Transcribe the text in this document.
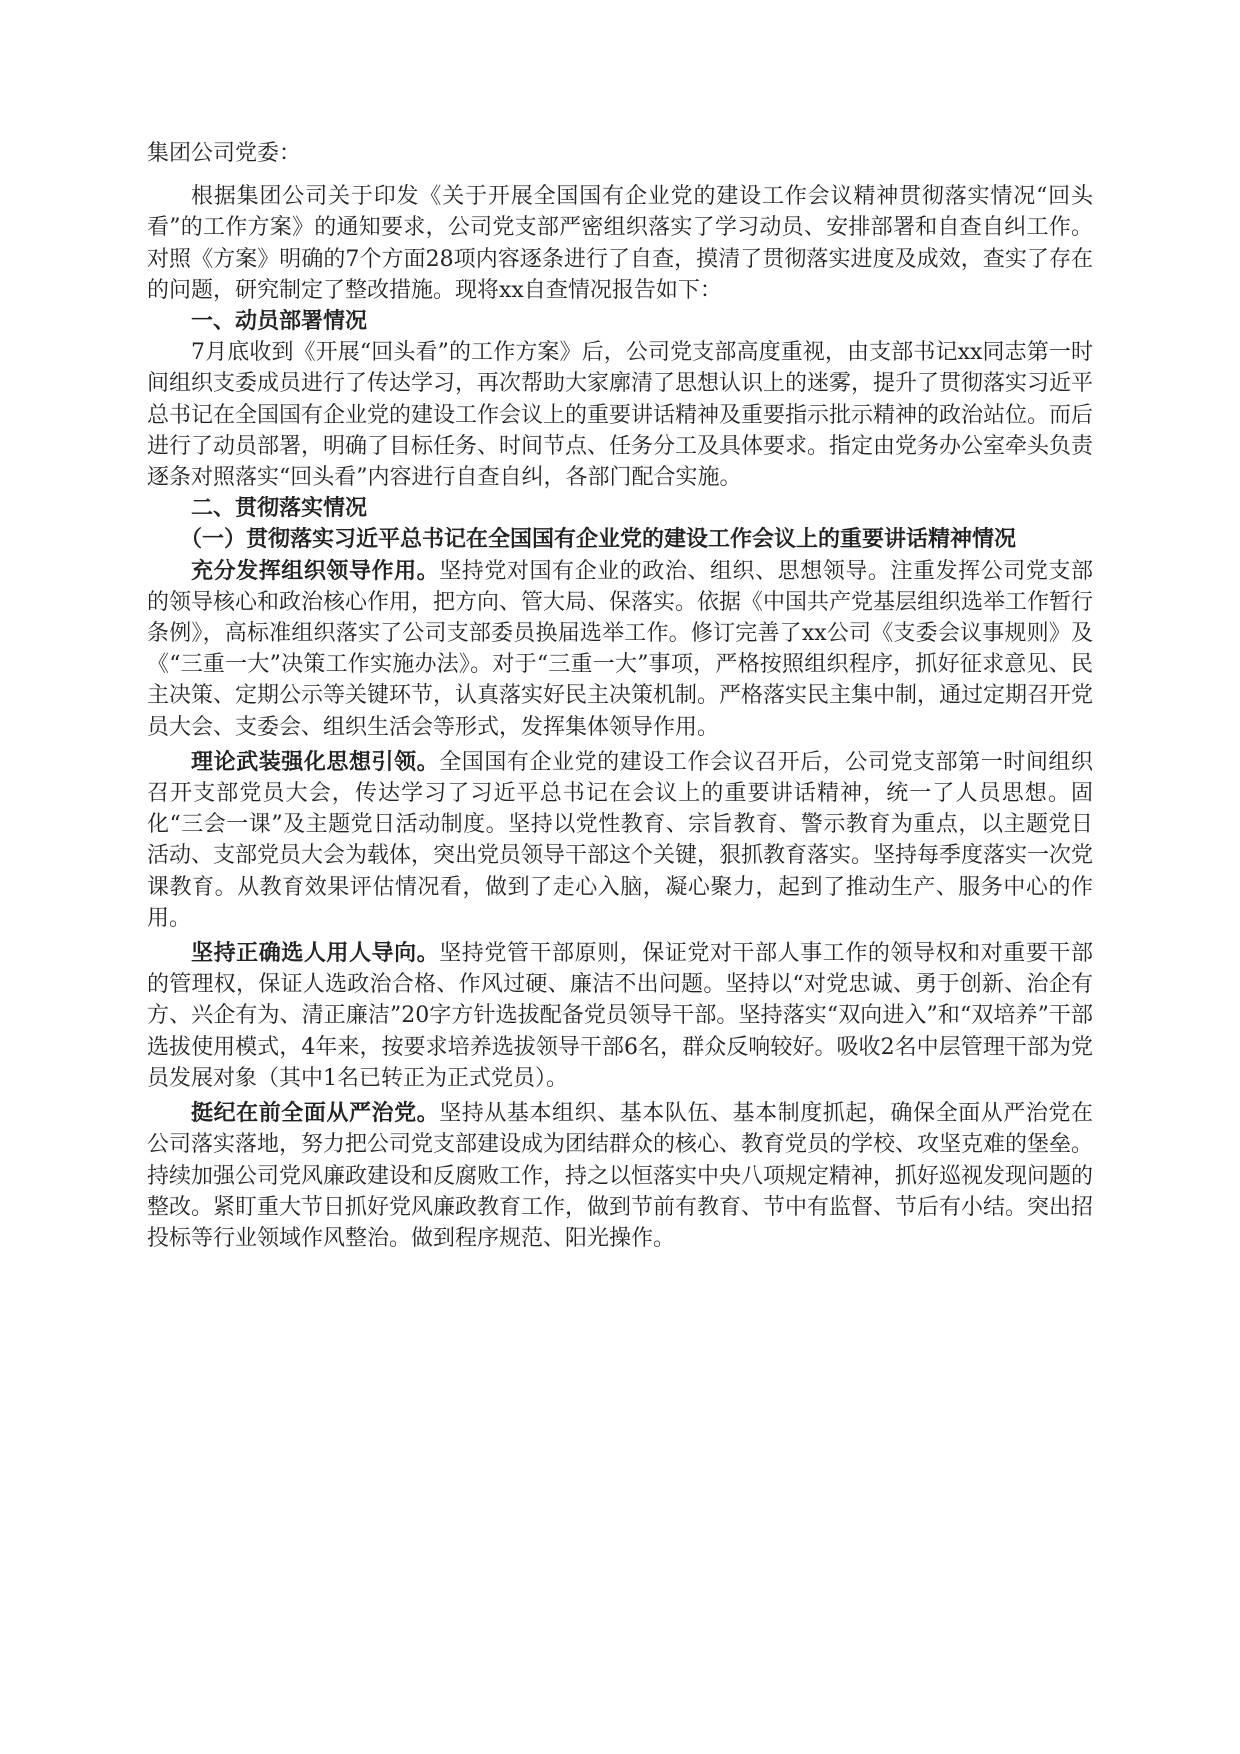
集团公司党委：

根据集团公司关于印发《关于开展全国国有企业党的建设工作会议精神贯彻落实情况“回头看”的工作方案》的通知要求，公司党支部严密组织落实了学习动员、安排部署和自查自纠工作。对照《方案》明确的7个方面28项内容逐条进行了自查，摸清了贯彻落实进度及成效，查实了存在的问题，研究制定了整改措施。现将xx自查情况报告如下：

一、动员部署情况

7月底收到《开展“回头看”的工作方案》后，公司党支部高度重视，由支部书记xx同志第一时间组织支委成员进行了传达学习，再次帮助大家廓清了思想认识上的迷雾，提升了贯彻落实习近平总书记在全国国有企业党的建设工作会议上的重要讲话精神及重要指示批示精神的政治站位。而后进行了动员部署，明确了目标任务、时间节点、任务分工及具体要求。指定由党务办公室牵头负责逐条对照落实“回头看”内容进行自查自纠，各部门配合实施。

二、贯彻落实情况

（一）贯彻落实习近平总书记在全国国有企业党的建设工作会议上的重要讲话精神情况

充分发挥组织领导作用。坚持党对国有企业的政治、组织、思想领导。注重发挥公司党支部的领导核心和政治核心作用，把方向、管大局、保落实。依据《中国共产党基层组织选举工作暂行条例》，高标准组织落实了公司支部委员换届选举工作。修订完善了xx公司《支委会议事规则》及《“三重一大”决策工作实施办法》。对于“三重一大”事项，严格按照组织程序，抓好征求意见、民主决策、定期公示等关键环节，认真落实好民主决策机制。严格落实民主集中制，通过定期召开党员大会、支委会、组织生活会等形式，发挥集体领导作用。

理论武装强化思想引领。全国国有企业党的建设工作会议召开后，公司党支部第一时间组织召开支部党员大会，传达学习了习近平总书记在会议上的重要讲话精神，统一了人员思想。固化“三会一课”及主题党日活动制度。坚持以党性教育、宗旨教育、警示教育为重点，以主题党日活动、支部党员大会为载体，突出党员领导干部这个关键，狠抓教育落实。坚持每季度落实一次党课教育。从教育效果评估情况看，做到了走心入脑，凝心聚力，起到了推动生产、服务中心的作用。

坚持正确选人用人导向。坚持党管干部原则，保证党对干部人事工作的领导权和对重要干部的管理权，保证人选政治合格、作风过硬、廉洁不出问题。坚持以“对党忠诚、勇于创新、治企有方、兴企有为、清正廉洁”20字方针选拔配备党员领导干部。坚持落实“双向进入”和“双培养”干部选拔使用模式，4年来，按要求培养选拔领导干部6名，群众反响较好。吸收2名中层管理干部为党员发展对象（其中1名已转正为正式党员）。

挺纪在前全面从严治党。坚持从基本组织、基本队伍、基本制度抓起，确保全面从严治党在公司落实落地，努力把公司党支部建设成为团结群众的核心、教育党员的学校、攻坚克难的堡垒。持续加强公司党风廉政建设和反腐败工作，持之以恒落实中央八项规定精神，抓好巡视发现问题的整改。紧盯重大节日抓好党风廉政教育工作，做到节前有教育、节中有监督、节后有小结。突出招投标等行业领域作风整治。做到程序规范、阳光操作。
